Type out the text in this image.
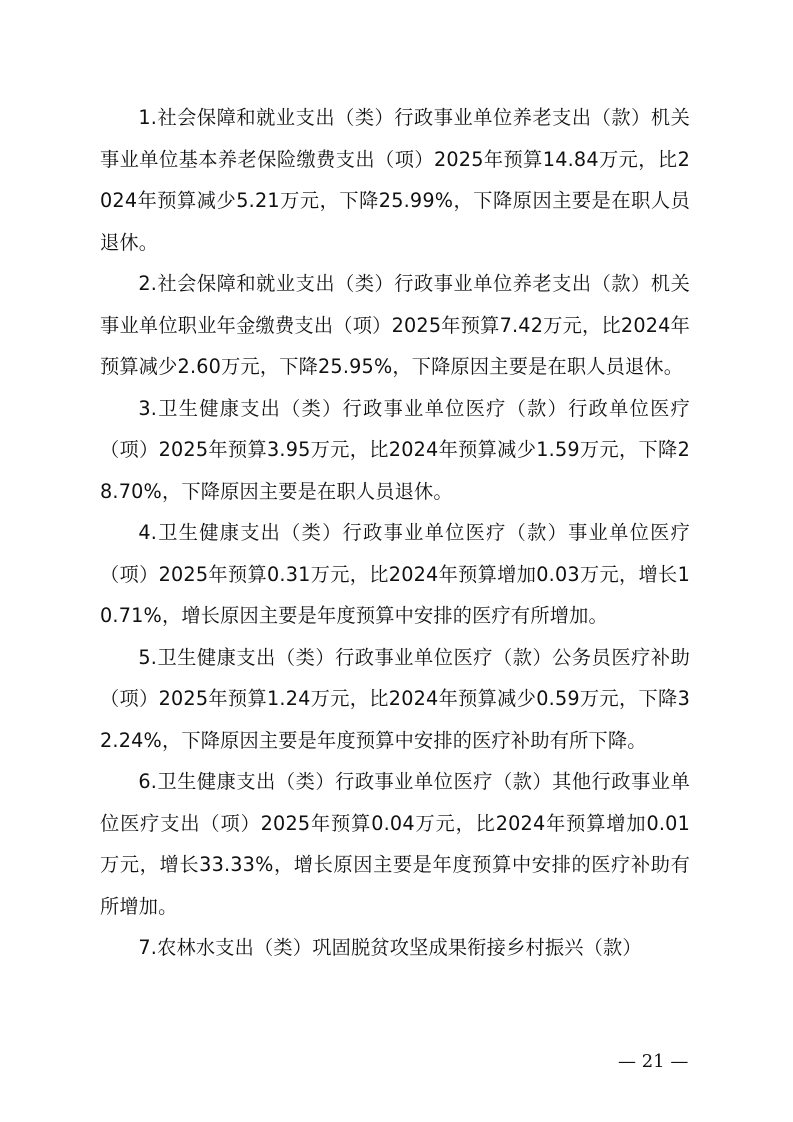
1.社会保障和就业支出（类）行政事业单位养老支出（款）机关事业单位基本养老保险缴费支出（项）2025年预算14.84万元，比2024年预算减少5.21万元，下降25.99%，下降原因主要是在职人员退休。

2.社会保障和就业支出（类）行政事业单位养老支出（款）机关事业单位职业年金缴费支出（项）2025年预算7.42万元，比2024年预算减少2.60万元，下降25.95%，下降原因主要是在职人员退休。

3.卫生健康支出（类）行政事业单位医疗（款）行政单位医疗（项）2025年预算3.95万元，比2024年预算减少1.59万元，下降28.70%，下降原因主要是在职人员退休。

4.卫生健康支出（类）行政事业单位医疗（款）事业单位医疗（项）2025年预算0.31万元，比2024年预算增加0.03万元，增长10.71%，增长原因主要是年度预算中安排的医疗有所增加。

5.卫生健康支出（类）行政事业单位医疗（款）公务员医疗补助（项）2025年预算1.24万元，比2024年预算减少0.59万元，下降32.24%，下降原因主要是年度预算中安排的医疗补助有所下降。

6.卫生健康支出（类）行政事业单位医疗（款）其他行政事业单位医疗支出（项）2025年预算0.04万元，比2024年预算增加0.01万元，增长33.33%，增长原因主要是年度预算中安排的医疗补助有所增加。

7.农林水支出（类）巩固脱贫攻坚成果衔接乡村振兴（款）

— 21 —
